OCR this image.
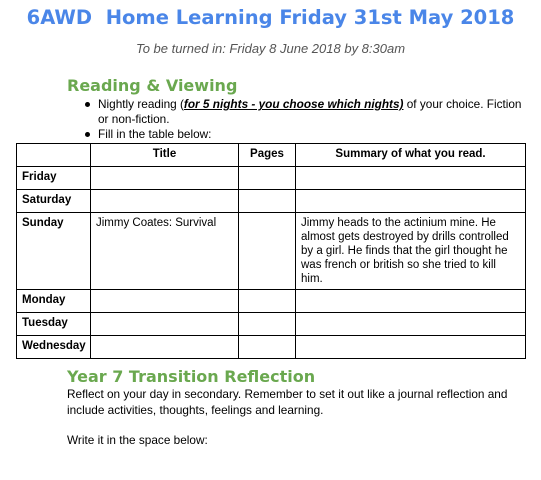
6AWD  Home Learning Friday 31st May 2018
To be turned in: Friday 8 June 2018 by 8:30am
Reading & Viewing
Nightly reading (for 5 nights - you choose which nights) of your choice. Fiction or non-fiction.
Fill in the table below:
	Title	Pages	Summary of what you read.
Friday			
Saturday			
Sunday	Jimmy Coates: Survival		Jimmy heads to the actinium mine. He almost gets destroyed by drills controlled by a girl. He finds that the girl thought he was french or british so she tried to kill him.
Monday			
Tuesday			
Wednesday			
Year 7 Transition Reflection
Reflect on your day in secondary. Remember to set it out like a journal reflection and include activities, thoughts, feelings and learning.
Write it in the space below:
